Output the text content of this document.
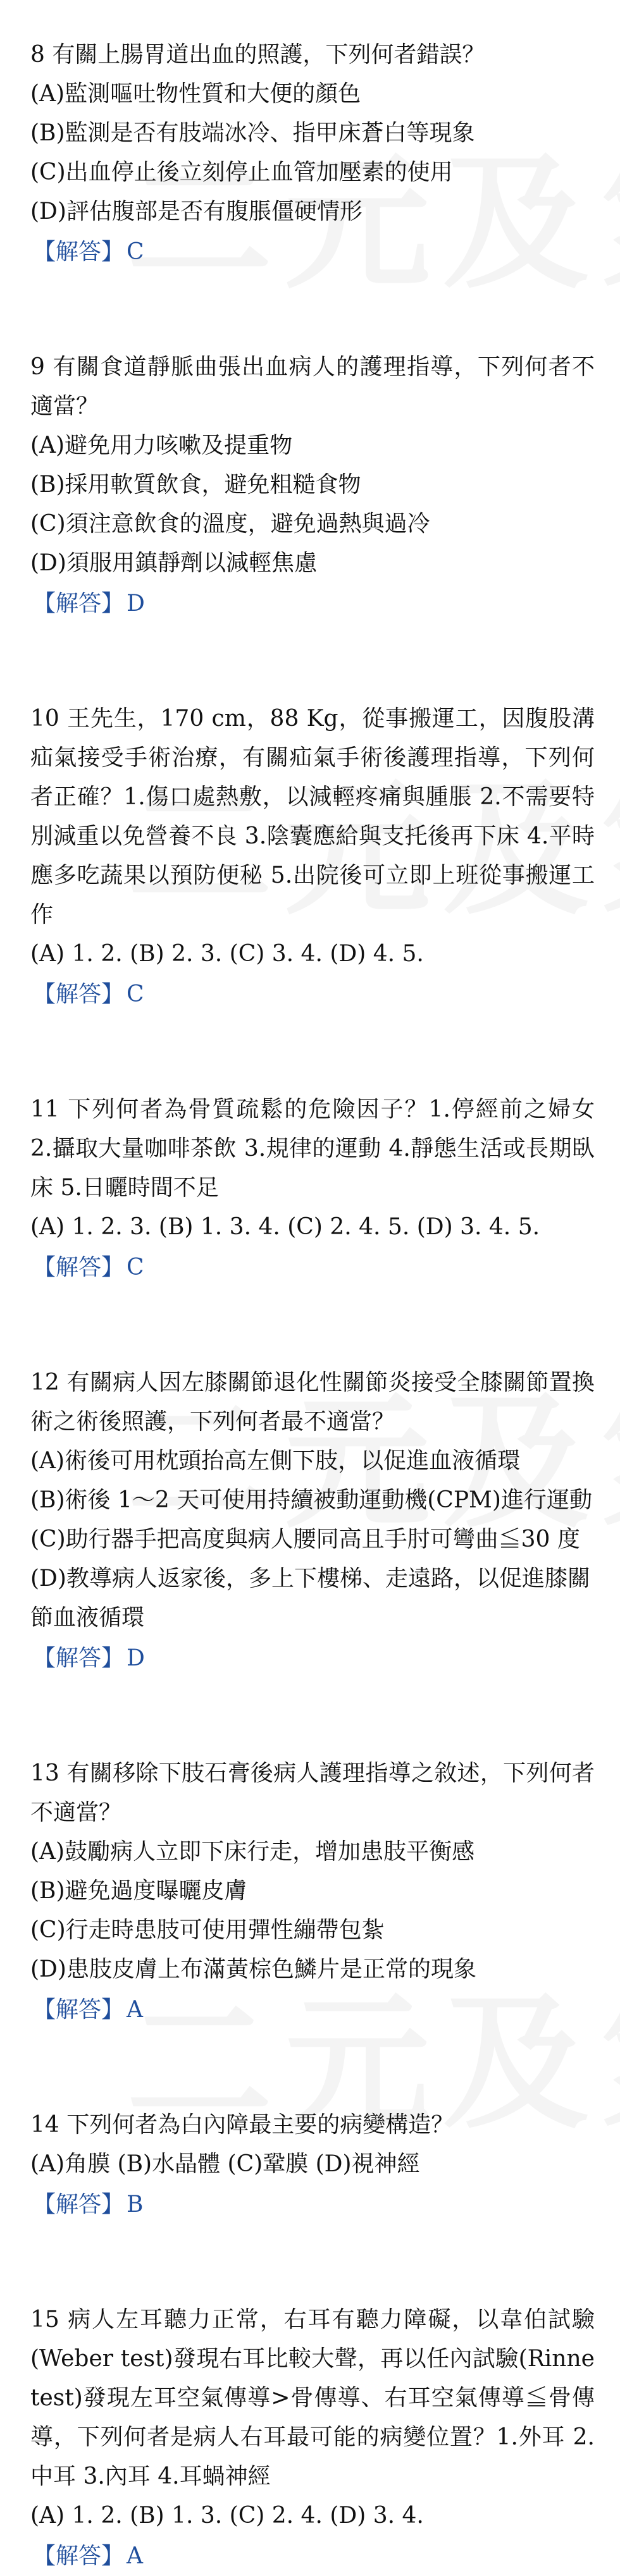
8 有關上腸胃道出血的照護，下列何者錯誤？

(A)監測嘔吐物性質和大便的顏色

(B)監測是否有肢端冰冷、指甲床蒼白等現象

(C)出血停止後立刻停止血管加壓素的使用

(D)評估腹部是否有腹脹僵硬情形

【解答】 C

9 有關食道靜脈曲張出血病人的護理指導，下列何者不適當？

(A)避免用力咳嗽及提重物

(B)採用軟質飲食，避免粗糙食物

(C)須注意飲食的溫度，避免過熱與過冷

(D)須服用鎮靜劑以減輕焦慮

【解答】 D

10 王先生，170 cm，88 Kg，從事搬運工，因腹股溝疝氣接受手術治療，有關疝氣手術後護理指導，下列何者正確？1.傷口處熱敷，以減輕疼痛與腫脹 2.不需要特別減重以免營養不良 3.陰囊應給與支托後再下床 4.平時應多吃蔬果以預防便秘 5.出院後可立即上班從事搬運工作

(A) 1. 2. (B) 2. 3. (C) 3. 4. (D) 4. 5.

【解答】 C

11 下列何者為骨質疏鬆的危險因子？1.停經前之婦女 2.攝取大量咖啡茶飲 3.規律的運動 4.靜態生活或長期臥床 5.日曬時間不足

(A) 1. 2. 3. (B) 1. 3. 4. (C) 2. 4. 5. (D) 3. 4. 5.

【解答】 C

12 有關病人因左膝關節退化性關節炎接受全膝關節置換術之術後照護，下列何者最不適當？

(A)術後可用枕頭抬高左側下肢，以促進血液循環

(B)術後 1～2 天可使用持續被動運動機(CPM)進行運動

(C)助行器手把高度與病人腰同高且手肘可彎曲≦30 度

(D)教導病人返家後，多上下樓梯、走遠路，以促進膝關節血液循環

【解答】 D

13 有關移除下肢石膏後病人護理指導之敘述，下列何者不適當？

(A)鼓勵病人立即下床行走，增加患肢平衡感

(B)避免過度曝曬皮膚

(C)行走時患肢可使用彈性繃帶包紮

(D)患肢皮膚上布滿黃棕色鱗片是正常的現象

【解答】 A

14 下列何者為白內障最主要的病變構造？

(A)角膜 (B)水晶體 (C)鞏膜 (D)視神經

【解答】 B

15 病人左耳聽力正常，右耳有聽力障礙，以韋伯試驗(Weber test)發現右耳比較大聲，再以任內試驗(Rinne test)發現左耳空氣傳導>骨傳導、右耳空氣傳導≦骨傳導，下列何者是病人右耳最可能的病變位置？1.外耳 2.中耳 3.內耳 4.耳蝸神經

(A) 1. 2. (B) 1. 3. (C) 2. 4. (D) 3. 4.

【解答】 A
